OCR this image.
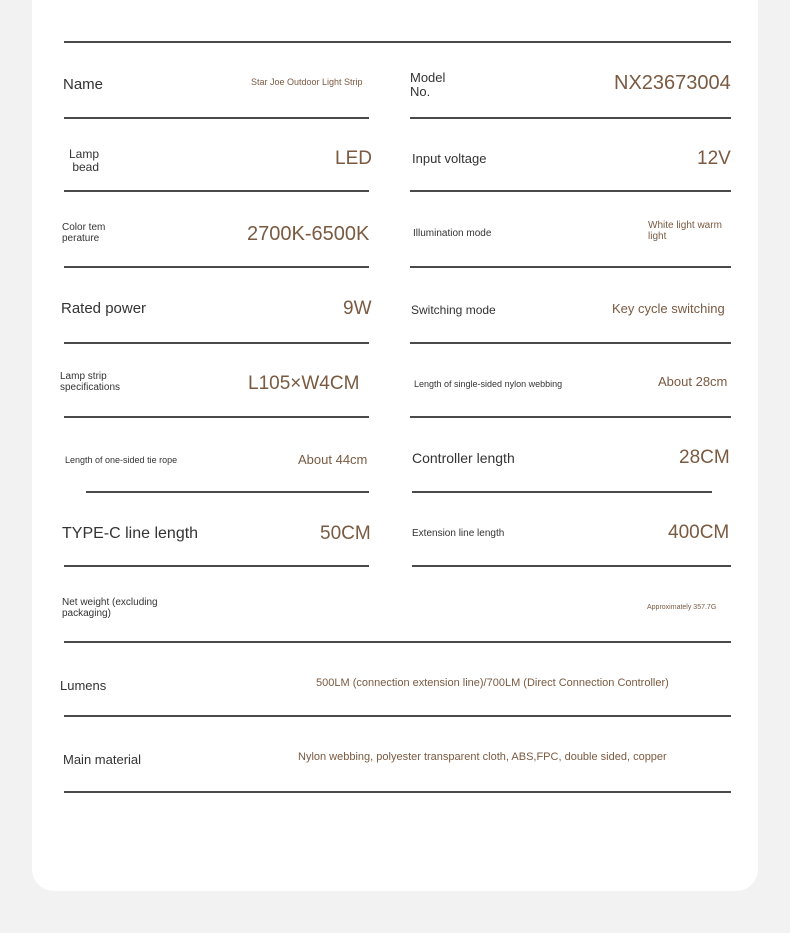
Name	Star Joe Outdoor Light Strip	Model
No.	NX23673004
Lamp
bead	LED	Input voltage	12V
Color tem
perature	2700K-6500K	Illumination mode
White light warm
light
Rated power	9W	Switching mode	Key cycle switching
Lamp strip
specifications	L105×W4CM	Length of single-sided nylon webbing	About 28cm
Length of one-sided tie rope	About 44cm	Controller length	28CM
TYPE-C line length	50CM	Extension line length	400CM
Net weight (excluding
packaging)	Approximately 357.7G
Lumens	500LM (connection extension line)/700LM (Direct Connection Controller)
Main material	Nylon webbing, polyester transparent cloth, ABS,FPC, double sided, copper
